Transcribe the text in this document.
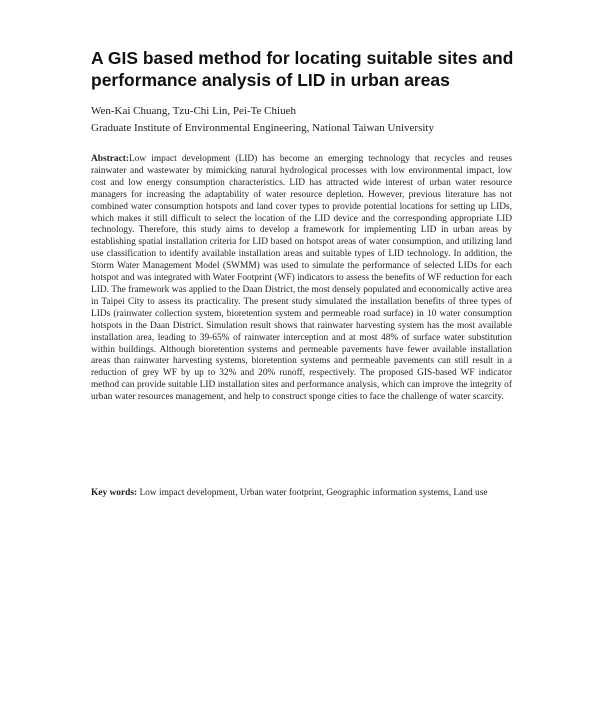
A GIS based method for locating suitable sites and performance analysis of LID in urban areas

Wen-Kai Chuang, Tzu-Chi Lin, Pei-Te Chiueh

Graduate Institute of Environmental Engineering, National Taiwan University

Abstract:Low impact development (LID) has become an emerging technology that recycles and reuses rainwater and wastewater by mimicking natural hydrological processes with low environmental impact, low cost and low energy consumption characteristics. LID has attracted wide interest of urban water resource managers for increasing the adaptability of water resource depletion. However, previous literature has not combined water consumption hotspots and land cover types to provide potential locations for setting up LIDs, which makes it still difficult to select the location of the LID device and the corresponding appropriate LID technology. Therefore, this study aims to develop a framework for implementing LID in urban areas by establishing spatial installation criteria for LID based on hotspot areas of water consumption, and utilizing land use classification to identify available installation areas and suitable types of LID technology. In addition, the Storm Water Management Model (SWMM) was used to simulate the performance of selected LIDs for each hotspot and was integrated with Water Footprint (WF) indicators to assess the benefits of WF reduction for each LID. The framework was applied to the Daan District, the most densely populated and economically active area in Taipei City to assess its practicality. The present study simulated the installation benefits of three types of LIDs (rainwater collection system, bioretention system and permeable road surface) in 10 water consumption hotspots in the Daan District. Simulation result shows that rainwater harvesting system has the most available installation area, leading to 39-65% of rainwater interception and at most 48% of surface water substitution within buildings. Although bioretention systems and permeable pavements have fewer available installation areas than rainwater harvesting systems, bioretention systems and permeable pavements can still result in a reduction of grey WF by up to 32% and 20% runoff, respectively. The proposed GIS-based WF indicator method can provide suitable LID installation sites and performance analysis, which can improve the integrity of urban water resources management, and help to construct sponge cities to face the challenge of water scarcity.

Key words: Low impact development, Urban water footprint, Geographic information systems, Land use
